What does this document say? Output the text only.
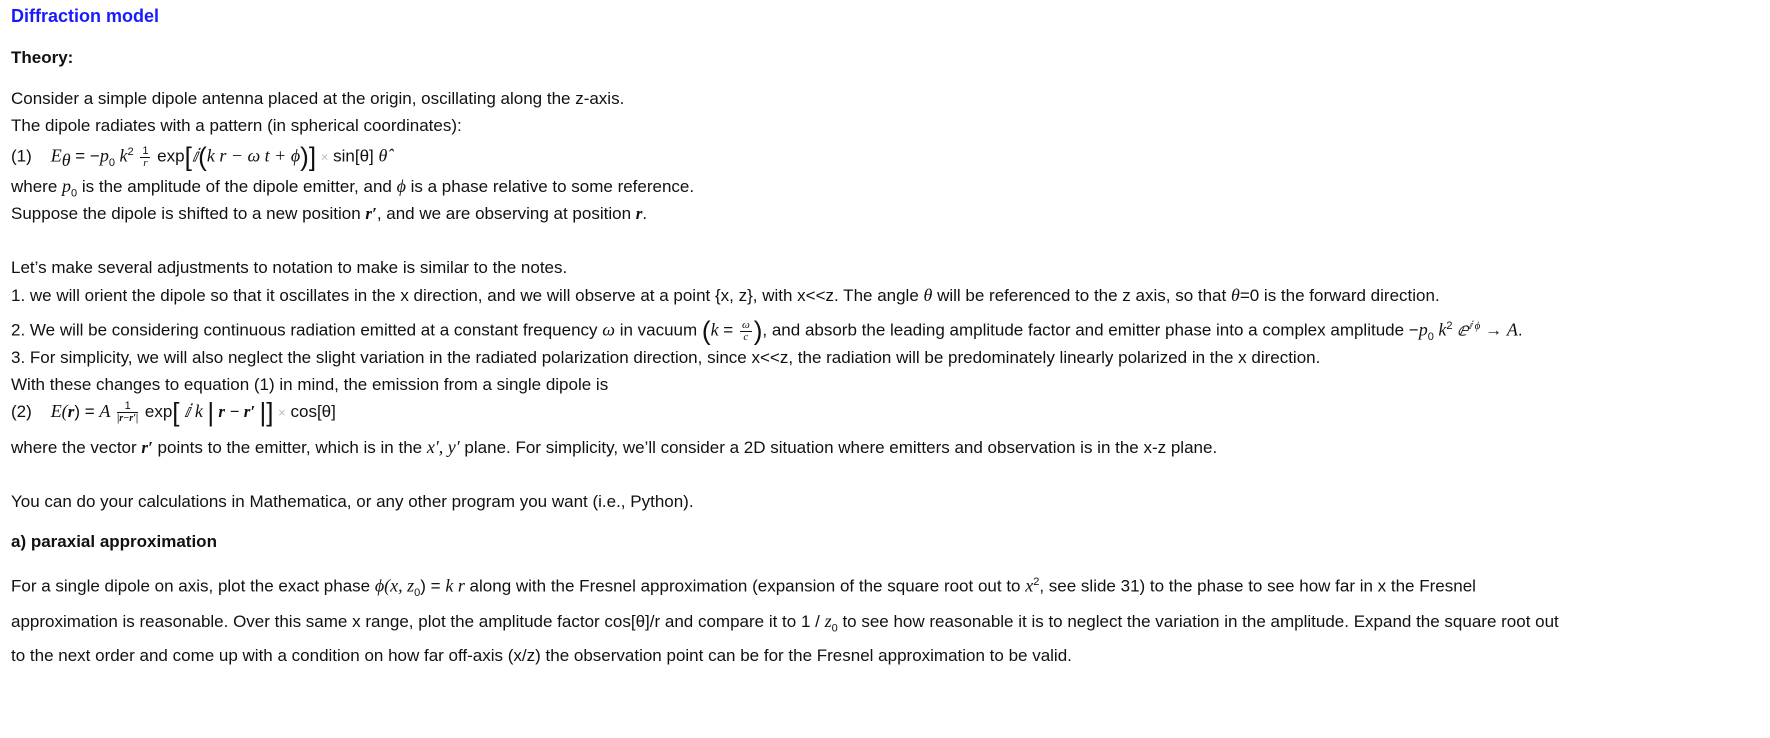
Diffraction model
Theory:
Consider a simple dipole antenna placed at the origin, oscillating along the z-axis.
The dipole radiates with a pattern (in spherical coordinates):
(1) $E_\theta = -p_0$ $k^2 \frac{1}{r}$ exp[ⅈ(k r − ω t + ϕ)] × sin[θ] θ̂
where $p_0$ is the amplitude of the dipole emitter, and ϕ is a phase relative to some reference.
Suppose the dipole is shifted to a new position r′, and we are observing at position r.
Let’s make several adjustments to notation to make is similar to the notes.
1. we will orient the dipole so that it oscillates in the x direction, and we will observe at a point {x, z}, with x<<z. The angle θ will be referenced to the z axis, so that θ=0 is the forward direction.
2. We will be considering continuous radiation emitted at a constant frequency ω in vacuum ($k = \frac{\omega}{c}$ ), and absorb the leading amplitude factor and emitter phase into a complex amplitude $-p_0$ $k^2$ ⅇ$^{ⅈ \phi}$ → A.
3. For simplicity, we will also neglect the slight variation in the radiated polarization direction, since x<<z, the radiation will be predominately linearly polarized in the x direction.
With these changes to equation (1) in mind, the emission from a single dipole is
(2) E(r) = A $\frac{1}{|r-r'|} \exp$[ ⅈ k | r − r′ |] × cos[θ]
where the vector r′ points to the emitter, which is in the x′, y′ plane. For simplicity, we’ll consider a 2D situation where emitters and observation is in the x-z plane.
You can do your calculations in Mathematica, or any other program you want (i.e., Python).
a) paraxial approximation
For a single dipole on axis, plot the exact phase ϕ(x, $z_0) = k$ r along with the Fresnel approximation (expansion of the square root out to $x^2$, see slide 31) to the phase to see how far in x the Fresnel approximation is reasonable. Over this same x range, plot the amplitude factor cos[θ]/r and compare it to $1 / z_0$ to see how reasonable it is to neglect the variation in the amplitude. Expand the square root out to the next order and come up with a condition on how far off-axis (x/z) the observation point can be for the Fresnel approximation to be valid.
